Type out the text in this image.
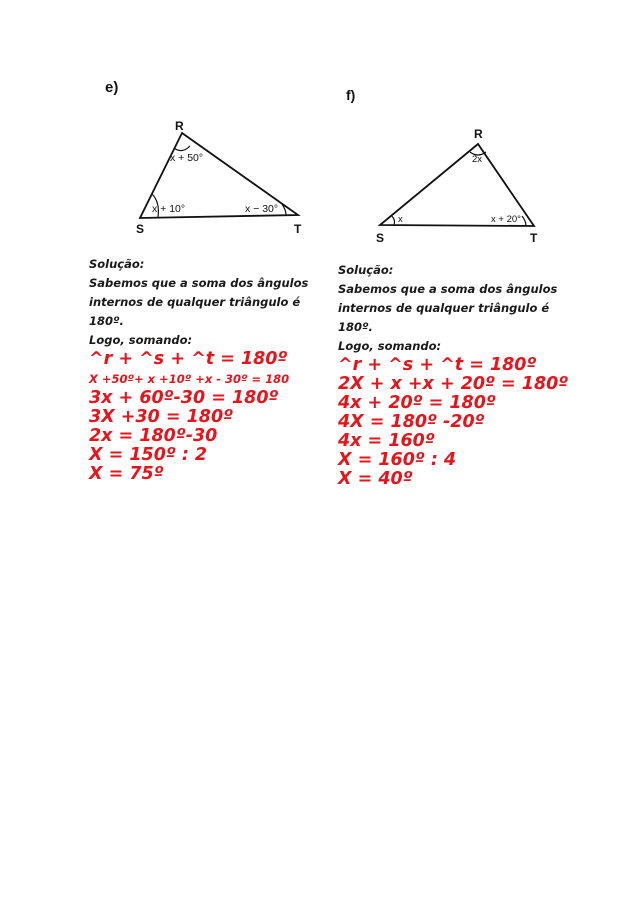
e)
R
S	T
x + 50°
x + 10°	x − 30°
f)
R
S	T
2x
x	x + 20°
Solução:
Sabemos que a soma dos ângulos
internos de qualquer triângulo é
180º.
Logo, somando:
^r + ^s + ^t = 180º
X +50º+ x +10º +x - 30º = 180
3x + 60º-30 = 180º
3X +30 = 180º
2x = 180º-30
X = 150º : 2
X = 75º
Solução:
Sabemos que a soma dos ângulos
internos de qualquer triângulo é
180º.
Logo, somando:
^r + ^s + ^t = 180º
2X + x +x + 20º = 180º
4x + 20º = 180º
4X = 180º -20º
4x = 160º
X = 160º : 4
X = 40º
